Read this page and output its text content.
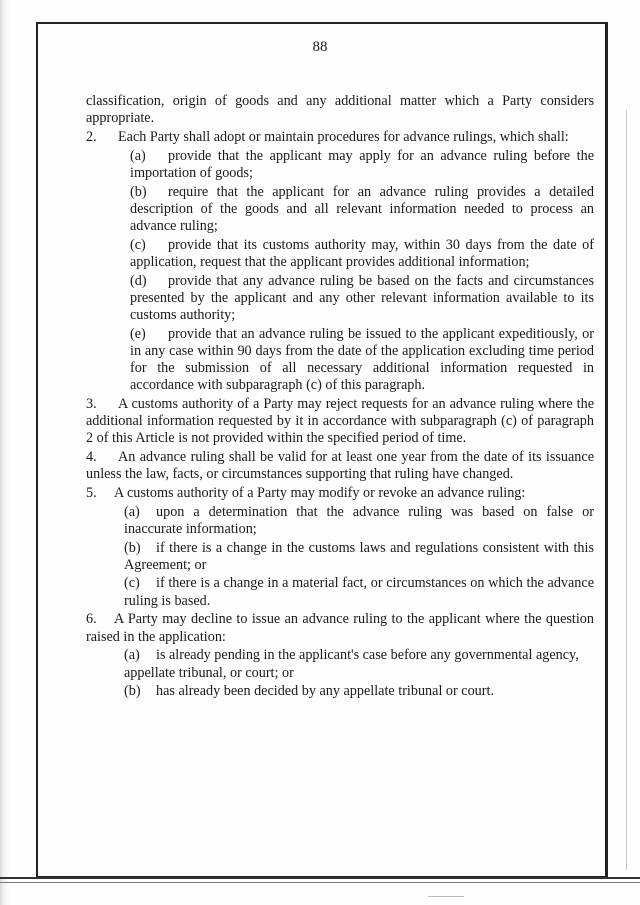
88

classification, origin of goods and any additional matter which a Party considers appropriate.

2. Each Party shall adopt or maintain procedures for advance rulings, which shall:

(a) provide that the applicant may apply for an advance ruling before the importation of goods;

(b) require that the applicant for an advance ruling provides a detailed description of the goods and all relevant information needed to process an advance ruling;

(c) provide that its customs authority may, within 30 days from the date of application, request that the applicant provides additional information;

(d) provide that any advance ruling be based on the facts and circumstances presented by the applicant and any other relevant information available to its customs authority;

(e) provide that an advance ruling be issued to the applicant expeditiously, or in any case within 90 days from the date of the application excluding time period for the submission of all necessary additional information requested in accordance with subparagraph (c) of this paragraph.

3. A customs authority of a Party may reject requests for an advance ruling where the additional information requested by it in accordance with subparagraph (c) of paragraph 2 of this Article is not provided within the specified period of time.

4. An advance ruling shall be valid for at least one year from the date of its issuance unless the law, facts, or circumstances supporting that ruling have changed.

5. A customs authority of a Party may modify or revoke an advance ruling:

(a) upon a determination that the advance ruling was based on false or inaccurate information;

(b) if there is a change in the customs laws and regulations consistent with this Agreement; or

(c) if there is a change in a material fact, or circumstances on which the advance ruling is based.

6. A Party may decline to issue an advance ruling to the applicant where the question raised in the application:

(a) is already pending in the applicant's case before any governmental agency, appellate tribunal, or court; or

(b) has already been decided by any appellate tribunal or court.
